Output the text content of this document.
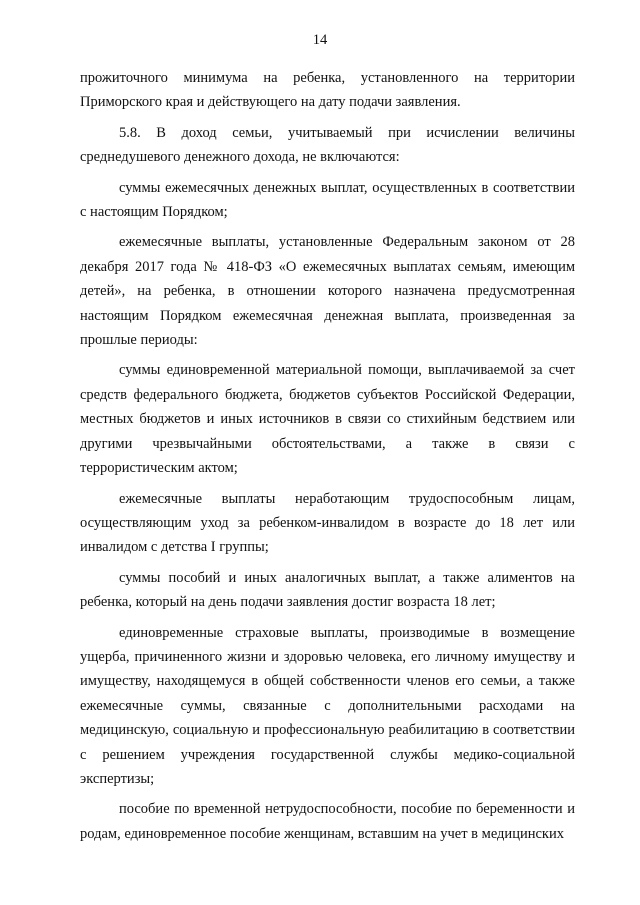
14

прожиточного минимума на ребенка, установленного на территории Приморского края и действующего на дату подачи заявления.

5.8. В доход семьи, учитываемый при исчислении величины среднедушевого денежного дохода, не включаются:

суммы ежемесячных денежных выплат, осуществленных в соответствии с настоящим Порядком;

ежемесячные выплаты, установленные Федеральным законом от 28 декабря 2017 года № 418-ФЗ «О ежемесячных выплатах семьям, имеющим детей», на ребенка, в отношении которого назначена предусмотренная настоящим Порядком ежемесячная денежная выплата, произведенная за прошлые периоды:

суммы единовременной материальной помощи, выплачиваемой за счет средств федерального бюджета, бюджетов субъектов Российской Федерации, местных бюджетов и иных источников в связи со стихийным бедствием или другими чрезвычайными обстоятельствами, а также в связи с террористическим актом;

ежемесячные выплаты неработающим трудоспособным лицам, осуществляющим уход за ребенком-инвалидом в возрасте до 18 лет или инвалидом с детства I группы;

суммы пособий и иных аналогичных выплат, а также алиментов на ребенка, который на день подачи заявления достиг возраста 18 лет;

единовременные страховые выплаты, производимые в возмещение ущерба, причиненного жизни и здоровью человека, его личному имуществу и имуществу, находящемуся в общей собственности членов его семьи, а также ежемесячные суммы, связанные с дополнительными расходами на медицинскую, социальную и профессиональную реабилитацию в соответствии с решением учреждения государственной службы медико-социальной экспертизы;

пособие по временной нетрудоспособности, пособие по беременности и родам, единовременное пособие женщинам, вставшим на учет в медицинских
